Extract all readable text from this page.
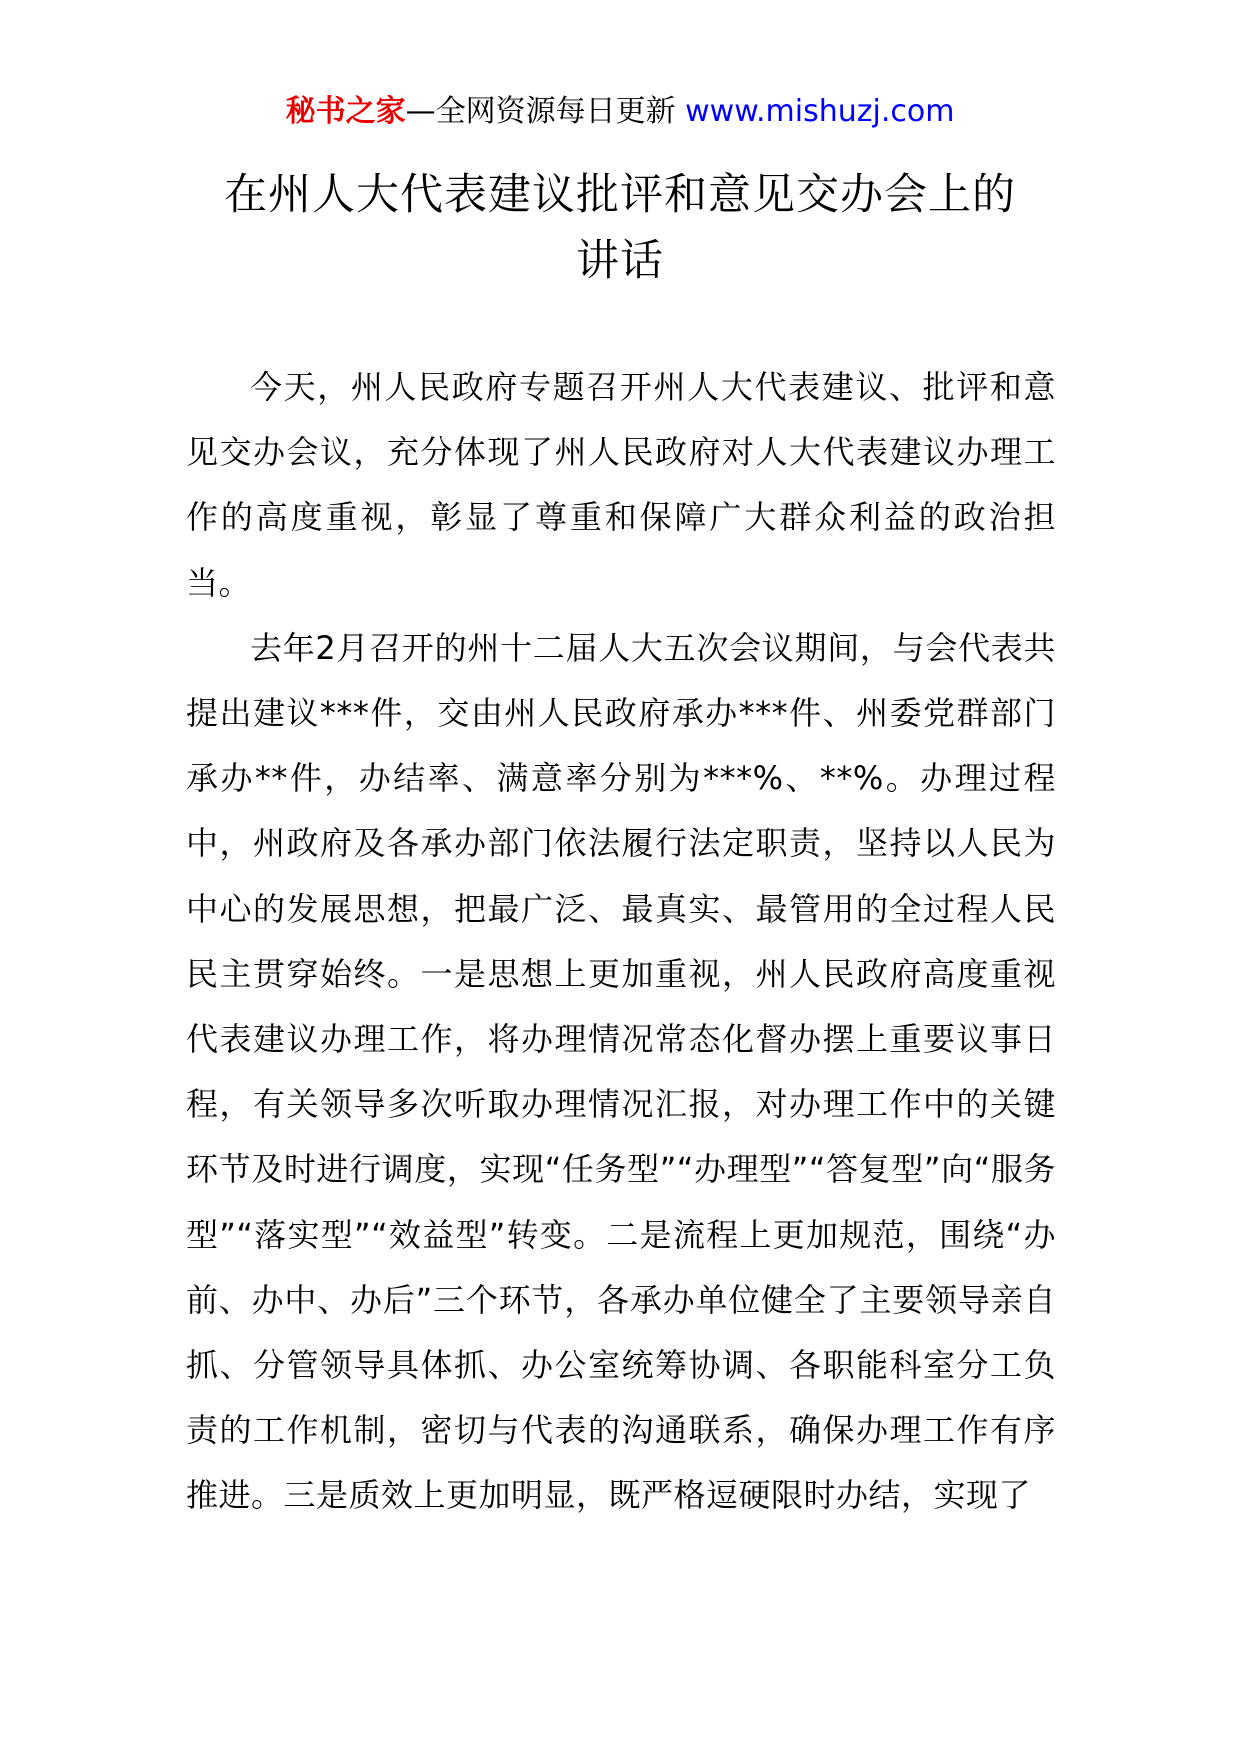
秘书之家—全网资源每日更新 www.mishuzj.com
在州人大代表建议批评和意见交办会上的
讲话

今天，州人民政府专题召开州人大代表建议、批评和意见交办会议，充分体现了州人民政府对人大代表建议办理工作的高度重视，彰显了尊重和保障广大群众利益的政治担当。

去年2月召开的州十二届人大五次会议期间，与会代表共提出建议***件，交由州人民政府承办***件、州委党群部门承办**件，办结率、满意率分别为***%、**%。办理过程中，州政府及各承办部门依法履行法定职责，坚持以人民为中心的发展思想，把最广泛、最真实、最管用的全过程人民民主贯穿始终。一是思想上更加重视，州人民政府高度重视代表建议办理工作，将办理情况常态化督办摆上重要议事日程，有关领导多次听取办理情况汇报，对办理工作中的关键环节及时进行调度，实现“任务型”“办理型”“答复型”向“服务型”“落实型”“效益型”转变。二是流程上更加规范，围绕“办前、办中、办后”三个环节，各承办单位健全了主要领导亲自抓、分管领导具体抓、办公室统筹协调、各职能科室分工负责的工作机制，密切与代表的沟通联系，确保办理工作有序推进。三是质效上更加明显，既严格逗硬限时办结，实现了
